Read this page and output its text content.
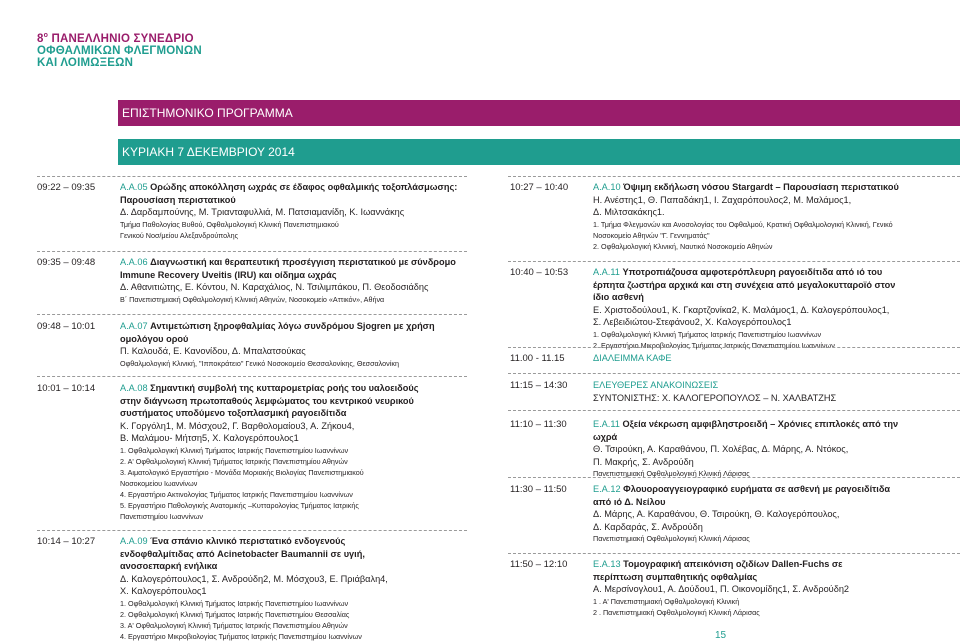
$8^o$ ΠΑΝΕΛΛΗΝΙΟ ΣΥΝΕΔΡΙΟ
ΟΦΘΑΛΜΙΚΩΝ ΦΛΕΓΜΟΝΩΝ
ΚΑΙ ΛΟΙΜΩΞΕΩΝ
ΕΠΙΣΤΗΜΟΝΙΚΟ ΠΡΟΓΡΑΜΜΑ
ΚΥΡΙΑΚΗ 7 ΔΕΚΕΜΒΡΙΟΥ 2014
09:22 – 09:35	Α.Α.05 Ορώδης αποκόλληση ωχράς σε έδαφος οφθαλμικής τοξοπλάσμωσης: Παρουσίαση περιστατικού
Δ. Δαρδαμπούνης, Μ. Τριανταφυλλιά, Μ. Πατσιαμανίδη, Κ. Ιωαννάκης
Τμήμα Παθολογίας Βυθού, Οφθαλμολογική Κλινική Πανεπιστημιακού
Γενικού Νοσ/μείου Αλεξανδρούπολης
09:35 – 09:48	Α.Α.06 Διαγνωστική και θεραπευτική προσέγγιση περιστατικού με σύνδρομο Immune Recovery Uveitis (IRU) και οίδημα ωχράς
Δ. Αθανιτιώτης, Ε. Κόντου, Ν. Καραχάλιος, Ν. Τσιλιμπάκου, Π. Θεοδοσιάδης
Β΄ Πανεπιστημιακή Οφθαλμολογική Κλινική Αθηνών, Νοσοκομείο «Αττικόν», Αθήνα
09:48 – 10:01	Α.Α.07 Αντιμετώπιση ξηροφθαλμίας λόγω συνδρόμου Sjogren με χρήση ομολόγου ορού
Π. Καλουδά, Ε. Κανονίδου, Δ. Μπαλατσούκας
Οφθαλμολογική Κλινική, "Ιπποκράτειο" Γενικό Νοσοκομείο Θεσσαλονίκης, Θεσσαλονίκη
10:01 – 10:14	Α.Α.08 Σημαντική συμβολή της κυτταρομετρίας ροής του υαλοειδούς στην διάγνωση πρωτοπαθούς λεμφώματος του κεντρικού νευρικού συστήματος υποδύμενο τοξοπλασμική ραγοειδίτιδα
Κ. Γοργόλη1, Μ. Μόσχου2, Γ. Βαρθολομαίου3, Α. Ζήκου4,
Β. Μαλάμου- Μήτση5, Χ. Καλογερόπουλος1
1. Οφθαλμολογική Κλινική Τμήματος Ιατρικής Πανεπιστημίου Ιωαννίνων
2. Α' Οφθαλμολογική Κλινική Τμήματος Ιατρικής Πανεπιστημίου Αθηνών
3. Αιματολογικό Εργαστήριο - Μονάδα Μοριακής Βιολογίας Πανεπιστημιακού
Νοσοκομείου Ιωαννίνων
4. Εργαστήριο Ακτινολογίας Τμήματος Ιατρικής Πανεπιστημίου Ιωαννίνων
5. Εργαστήριο Παθολογικής Ανατομικής –Κυτταρολογίας Τμήματος Ιατρικής
Πανεπιστημίου Ιωαννίνων
10:14 – 10:27	Α.Α.09 Ένα σπάνιο κλινικό περιστατικό ενδογενούς ενδοφθαλμίτιδας από Acinetobacter Baumannii σε υγιή, ανοσοεπαρκή ενήλικα
Δ. Καλογερόπουλος1, Σ. Ανδρούδη2, Μ. Μόσχου3, Ε. Πριάβαλη4,
Χ. Καλογερόπουλος1
1. Οφθαλμολογική Κλινική Τμήματος Ιατρικής Πανεπιστημίου Ιωαννίνων
2. Οφθαλμολογική Κλινική Τμήματος Ιατρικής Πανεπιστημίου Θεσσαλίας
3. Α' Οφθαλμολογική Κλινική Τμήματος Ιατρικής Πανεπιστημίου Αθηνών
4. Εργαστήριο Μικροβιολογίας Τμήματος Ιατρικής Πανεπιστημίου Ιωαννίνων
10:27 – 10:40	Α.Α.10 Όψιμη εκδήλωση νόσου Stargardt – Παρουσίαση περιστατικού
Η. Ανέστης1, Θ. Παπαδάκη1, Ι. Ζαχαρόπουλος2, Μ. Μαλάμος1,
Δ. Μιλτσακάκης1.
1. Τμήμα Φλεγμονών και Ανοσολογίας του Οφθαλμού, Κρατική Οφθαλμολογική Κλινική, Γενικό
Νοσοκομείο Αθηνών "Γ. Γεννηματάς"
2. Οφθαλμολογική Κλινική, Ναυτικό Νοσοκομείο Αθηνών
10:40 – 10:53	Α.Α.11 Υποτροπιάζουσα αμφοτερόπλευρη ραγοειδίτιδα από ιό του έρπητα ζωστήρα αρχικά και στη συνέχεια από μεγαλοκυτταροϊό στον ίδιο ασθενή
Ε. Χριστοδούλου1, Κ. Γκαρτζονίκα2, Κ. Μαλάμος1, Δ. Καλογερόπουλος1,
Σ. Λεβειδιώτου-Στεφάνου2, Χ. Καλογερόπουλος1
1. Οφθαλμολογική Κλινική Τμήματος Ιατρικής Πανεπιστημίου Ιωαννίνων
2. Εργαστήριο Μικροβιολογίας Τμήματος Ιατρικής Πανεπιστημίου Ιωαννίνων
11.00 - 11.15	ΔΙΑΛΕΙΜΜΑ ΚΑΦΕ
11:15 – 14:30	ΕΛΕΥΘΕΡΕΣ ΑΝΑΚΟΙΝΩΣΕΙΣ
ΣΥΝΤΟΝΙΣΤΗΣ: Χ. ΚΑΛΟΓΕΡΟΠΟΥΛΟΣ – Ν. ΧΑΛΒΑΤΖΗΣ
11:10 – 11:30	Ε.Α.11 Οξεία νέκρωση αμφιβληστροειδή – Χρόνιες επιπλοκές από την ωχρά
Θ. Τσιρούκη, Α. Καραθάνου, Π. Χολέβας, Δ. Μάρης, Α. Ντόκος,
Π. Μακρής, Σ. Ανδρούδη
Πανεπιστημιακή Οφθαλμολογική Κλινική Λάρισας
11:30 – 11:50	Ε.Α.12 Φλουοροαγγειογραφικό ευρήματα σε ασθενή με ραγοειδίτιδα από ιό Δ. Νείλου
Δ. Μάρης, Α. Καραθάνου, Θ. Τσιρούκη, Θ. Καλογερόπουλος,
Δ. Καρδαράς, Σ. Ανδρούδη
Πανεπιστημιακή Οφθαλμολογική Κλινική Λάρισας
11:50 – 12:10	Ε.Α.13 Τομογραφική απεικόνιση οζιδίων Dallen-Fuchs σε περίπτωση συμπαθητικής οφθαλμίας
Α. Μερσίνογλου1, Α. Δούδου1, Π. Οικονομίδης1, Σ. Ανδρούδη2
1 . Α' Πανεπιστημιακή Οφθαλμολογική Κλινική
2 . Πανεπιστημιακή Οφθαλμολογική Κλινική Λάρισας
15
